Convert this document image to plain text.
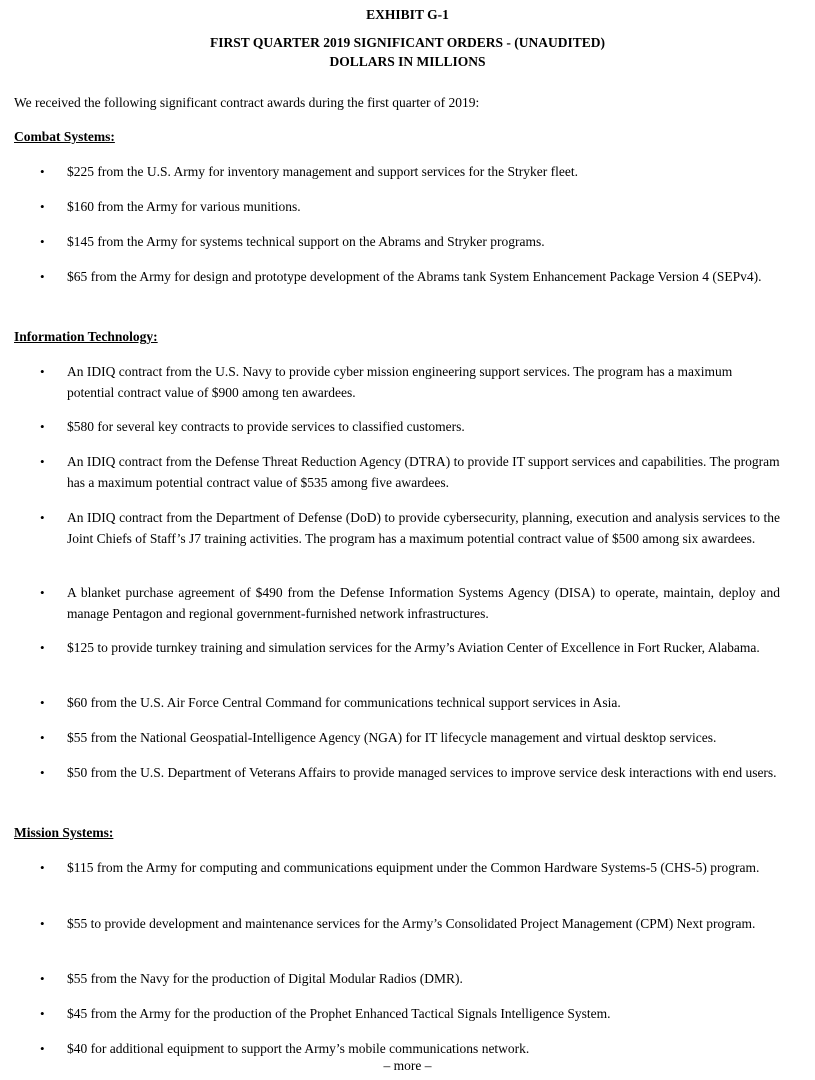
EXHIBIT G-1
FIRST QUARTER 2019 SIGNIFICANT ORDERS - (UNAUDITED)
DOLLARS IN MILLIONS
We received the following significant contract awards during the first quarter of 2019:
Combat Systems:
• $225 from the U.S. Army for inventory management and support services for the Stryker fleet.
• $160 from the Army for various munitions.
• $145 from the Army for systems technical support on the Abrams and Stryker programs.
• $65 from the Army for design and prototype development of the Abrams tank System Enhancement Package Version 4 (SEPv4).
Information Technology:
• An IDIQ contract from the U.S. Navy to provide cyber mission engineering support services. The program has a maximum potential contract value of $900 among ten awardees.
• $580 for several key contracts to provide services to classified customers.
• An IDIQ contract from the Defense Threat Reduction Agency (DTRA) to provide IT support services and capabilities. The program has a maximum potential contract value of $535 among five awardees.
• An IDIQ contract from the Department of Defense (DoD) to provide cybersecurity, planning, execution and analysis services to the Joint Chiefs of Staff’s J7 training activities. The program has a maximum potential contract value of $500 among six awardees.
• A blanket purchase agreement of $490 from the Defense Information Systems Agency (DISA) to operate, maintain, deploy and manage Pentagon and regional government-furnished network infrastructures.
• $125 to provide turnkey training and simulation services for the Army’s Aviation Center of Excellence in Fort Rucker, Alabama.
• $60 from the U.S. Air Force Central Command for communications technical support services in Asia.
• $55 from the National Geospatial-Intelligence Agency (NGA) for IT lifecycle management and virtual desktop services.
• $50 from the U.S. Department of Veterans Affairs to provide managed services to improve service desk interactions with end users.
Mission Systems:
• $115 from the Army for computing and communications equipment under the Common Hardware Systems-5 (CHS-5) program.
• $55 to provide development and maintenance services for the Army’s Consolidated Project Management (CPM) Next program.
• $55 from the Navy for the production of Digital Modular Radios (DMR).
• $45 from the Army for the production of the Prophet Enhanced Tactical Signals Intelligence System.
• $40 for additional equipment to support the Army’s mobile communications network.
– more –
